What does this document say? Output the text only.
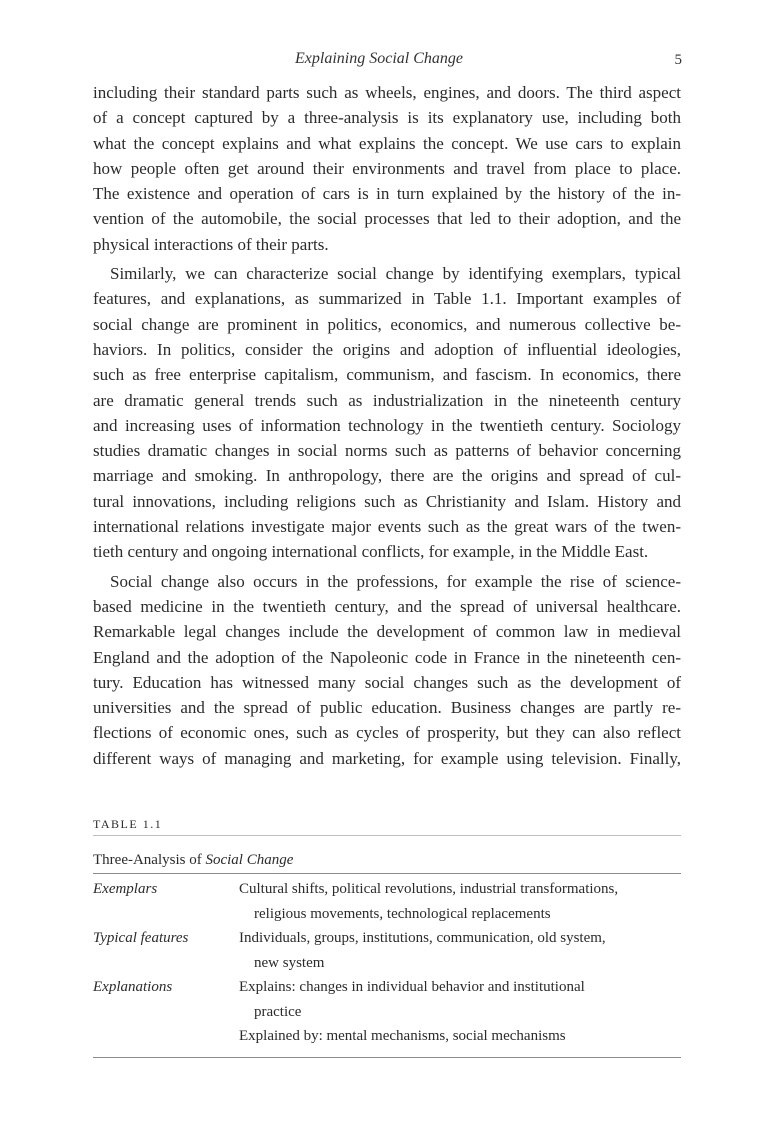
Explaining Social Change	5
including their standard parts such as wheels, engines, and doors. The third aspect
of a concept captured by a three-analysis is its explanatory use, including both
what the concept explains and what explains the concept. We use cars to explain
how people often get around their environments and travel from place to place.
The existence and operation of cars is in turn explained by the history of the in-
vention of the automobile, the social processes that led to their adoption, and the
physical interactions of their parts.
Similarly, we can characterize social change by identifying exemplars, typical
features, and explanations, as summarized in Table 1.1. Important examples of
social change are prominent in politics, economics, and numerous collective be-
haviors. In politics, consider the origins and adoption of influential ideologies,
such as free enterprise capitalism, communism, and fascism. In economics, there
are dramatic general trends such as industrialization in the nineteenth century
and increasing uses of information technology in the twentieth century. Sociology
studies dramatic changes in social norms such as patterns of behavior concerning
marriage and smoking. In anthropology, there are the origins and spread of cul-
tural innovations, including religions such as Christianity and Islam. History and
international relations investigate major events such as the great wars of the twen-
tieth century and ongoing international conflicts, for example, in the Middle East.
Social change also occurs in the professions, for example the rise of science-
based medicine in the twentieth century, and the spread of universal healthcare.
Remarkable legal changes include the development of common law in medieval
England and the adoption of the Napoleonic code in France in the nineteenth cen-
tury. Education has witnessed many social changes such as the development of
universities and the spread of public education. Business changes are partly re-
flections of economic ones, such as cycles of prosperity, but they can also reflect
different ways of managing and marketing, for example using television. Finally,
TABLE 1.1
Three-Analysis of Social Change
Exemplars	Cultural shifts, political revolutions, industrial transformations,
religious movements, technological replacements
Typical features	Individuals, groups, institutions, communication, old system,
new system
Explanations	Explains: changes in individual behavior and institutional
practice
Explained by: mental mechanisms, social mechanisms
